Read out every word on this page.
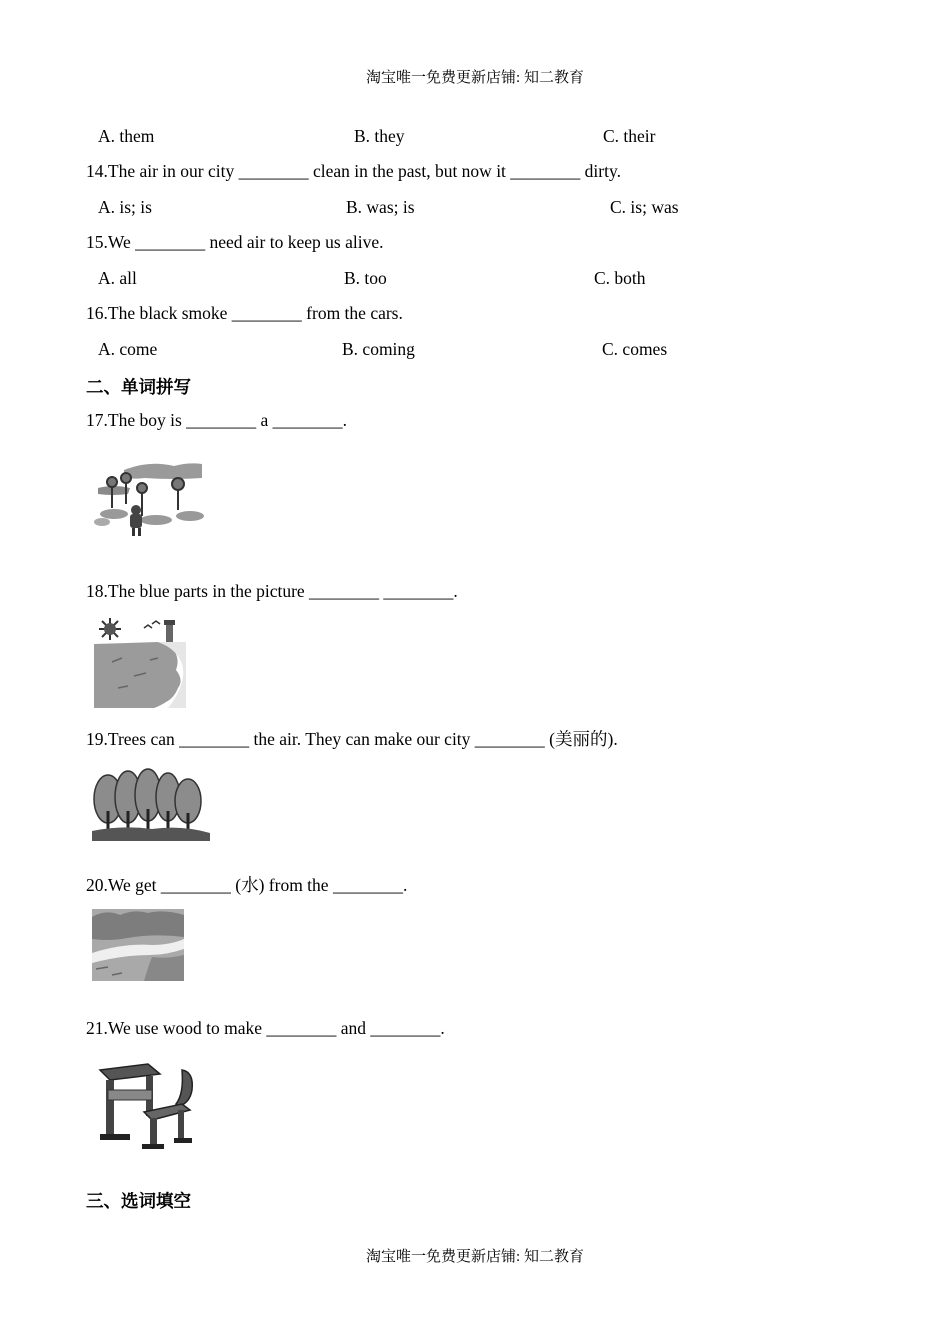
淘宝唯一免费更新店铺: 知二教育
A. them	B. they	C. their
14.The air in our city ________ clean in the past, but now it ________ dirty.
A. is; is	B. was; is	C. is; was
15.We ________ need air to keep us alive.
A. all	B. too	C. both
16.The black smoke ________ from the cars.
A. come	B. coming	C. comes
二、单词拼写
17.The boy is ________ a ________.
18.The blue parts in the picture ________ ________.
19.Trees can ________ the air. They can make our city ________ (美丽的).
20.We get ________ (水) from the ________.
21.We use wood to make ________ and ________.
三、选词填空
淘宝唯一免费更新店铺: 知二教育
